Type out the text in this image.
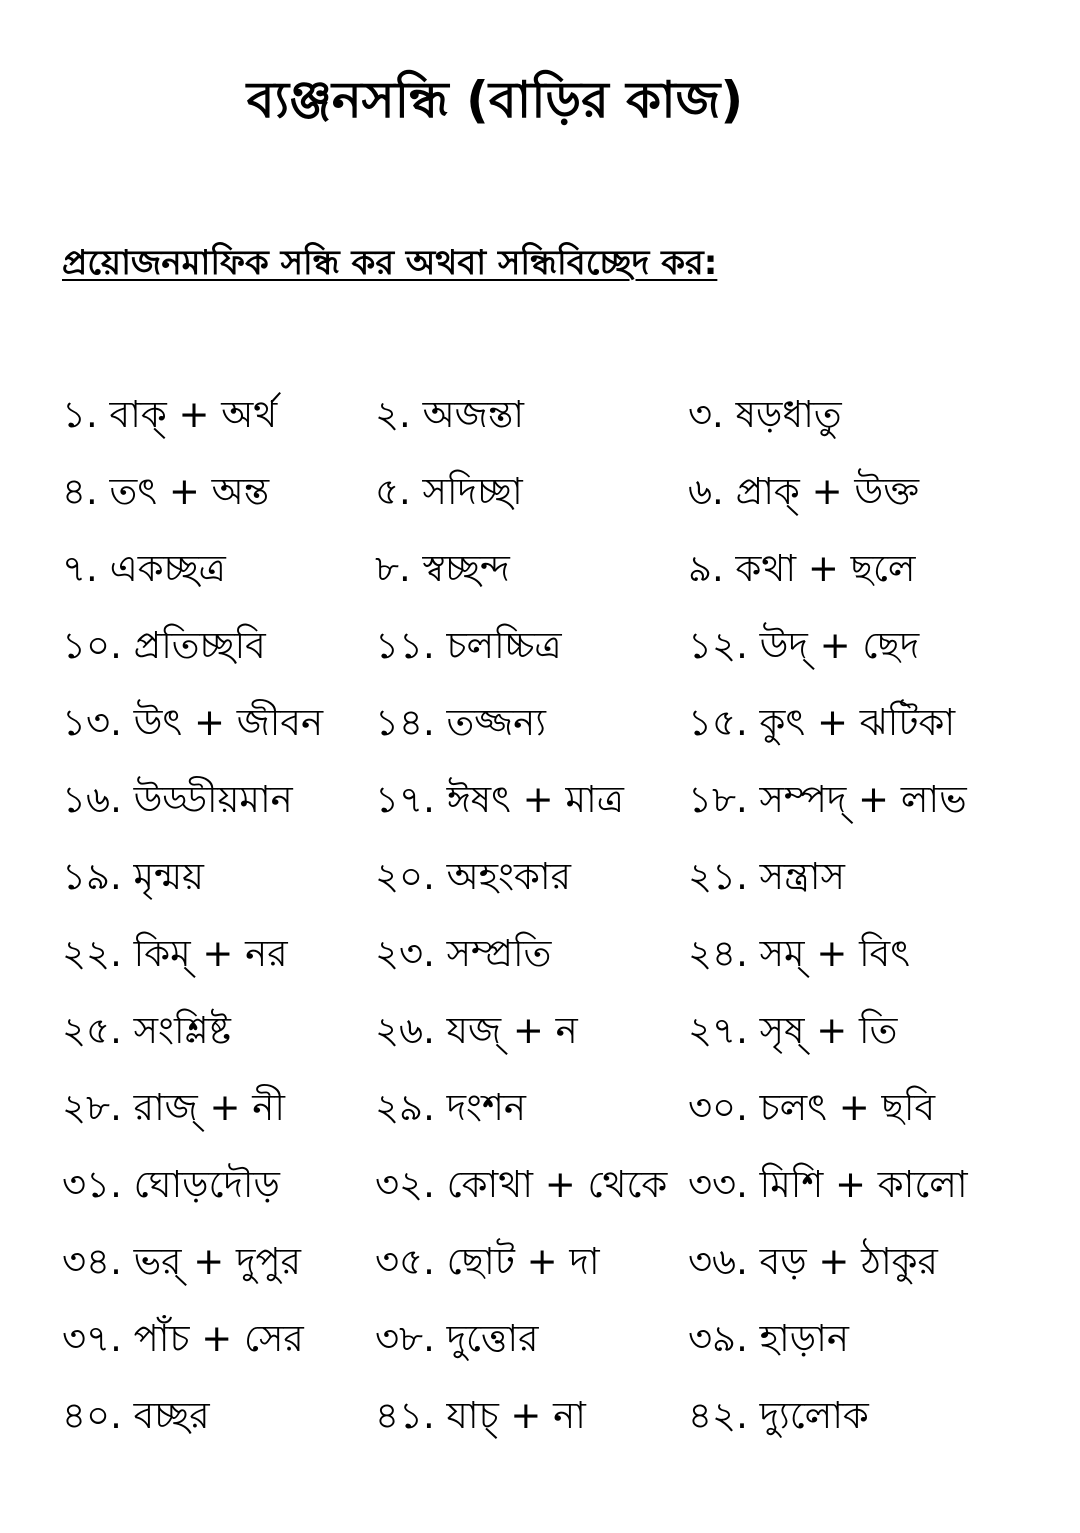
ব্যঞ্জনসন্ধি (বাড়ির কাজ)
প্রয়োজনমাফিক সন্ধি কর অথবা সন্ধিবিচ্ছেদ কর:
১. বাক্ + অর্থ	২. অজন্তা	৩. ষড়ধাতু
৪. তৎ + অন্ত	৫. সদিচ্ছা	৬. প্রাক্ + উক্ত
৭. একচ্ছত্র	৮. স্বচ্ছন্দ	৯. কথা + ছলে
১০. প্রতিচ্ছবি	১১. চলচ্চিত্র	১২. উদ্ + ছেদ
১৩. উৎ + জীবন ১৪. তজ্জন্য	১৫. কুৎ + ঝটিকা
১৬. উড্ডীয়মান ১৭. ঈষৎ + মাত্র ১৮. সম্পদ্ + লাভ
১৯. মৃন্ময়	২০. অহংকার	২১. সন্ত্রাস
২২. কিম্ + নর ২৩. সম্প্রতি	২৪. সম্ + বিৎ
২৫. সংশ্লিষ্ট	২৬. যজ্ + ন	২৭. সৃষ্ + তি
২৮. রাজ্ + নী ২৯. দংশন	৩০. চলৎ + ছবি
৩১. ঘোড়দৌড়	৩২. কোথা + থেকে ৩৩. মিশি + কালো
৩৪. ভর্ + দুপুর ৩৫. ছোট + দা ৩৬. বড় + ঠাকুর
৩৭. পাঁচ + সের ৩৮. দুত্তোর	৩৯. হাড়ান
৪০. বচ্ছর	৪১. যাচ্ + না	৪২. দ্যুলোক
